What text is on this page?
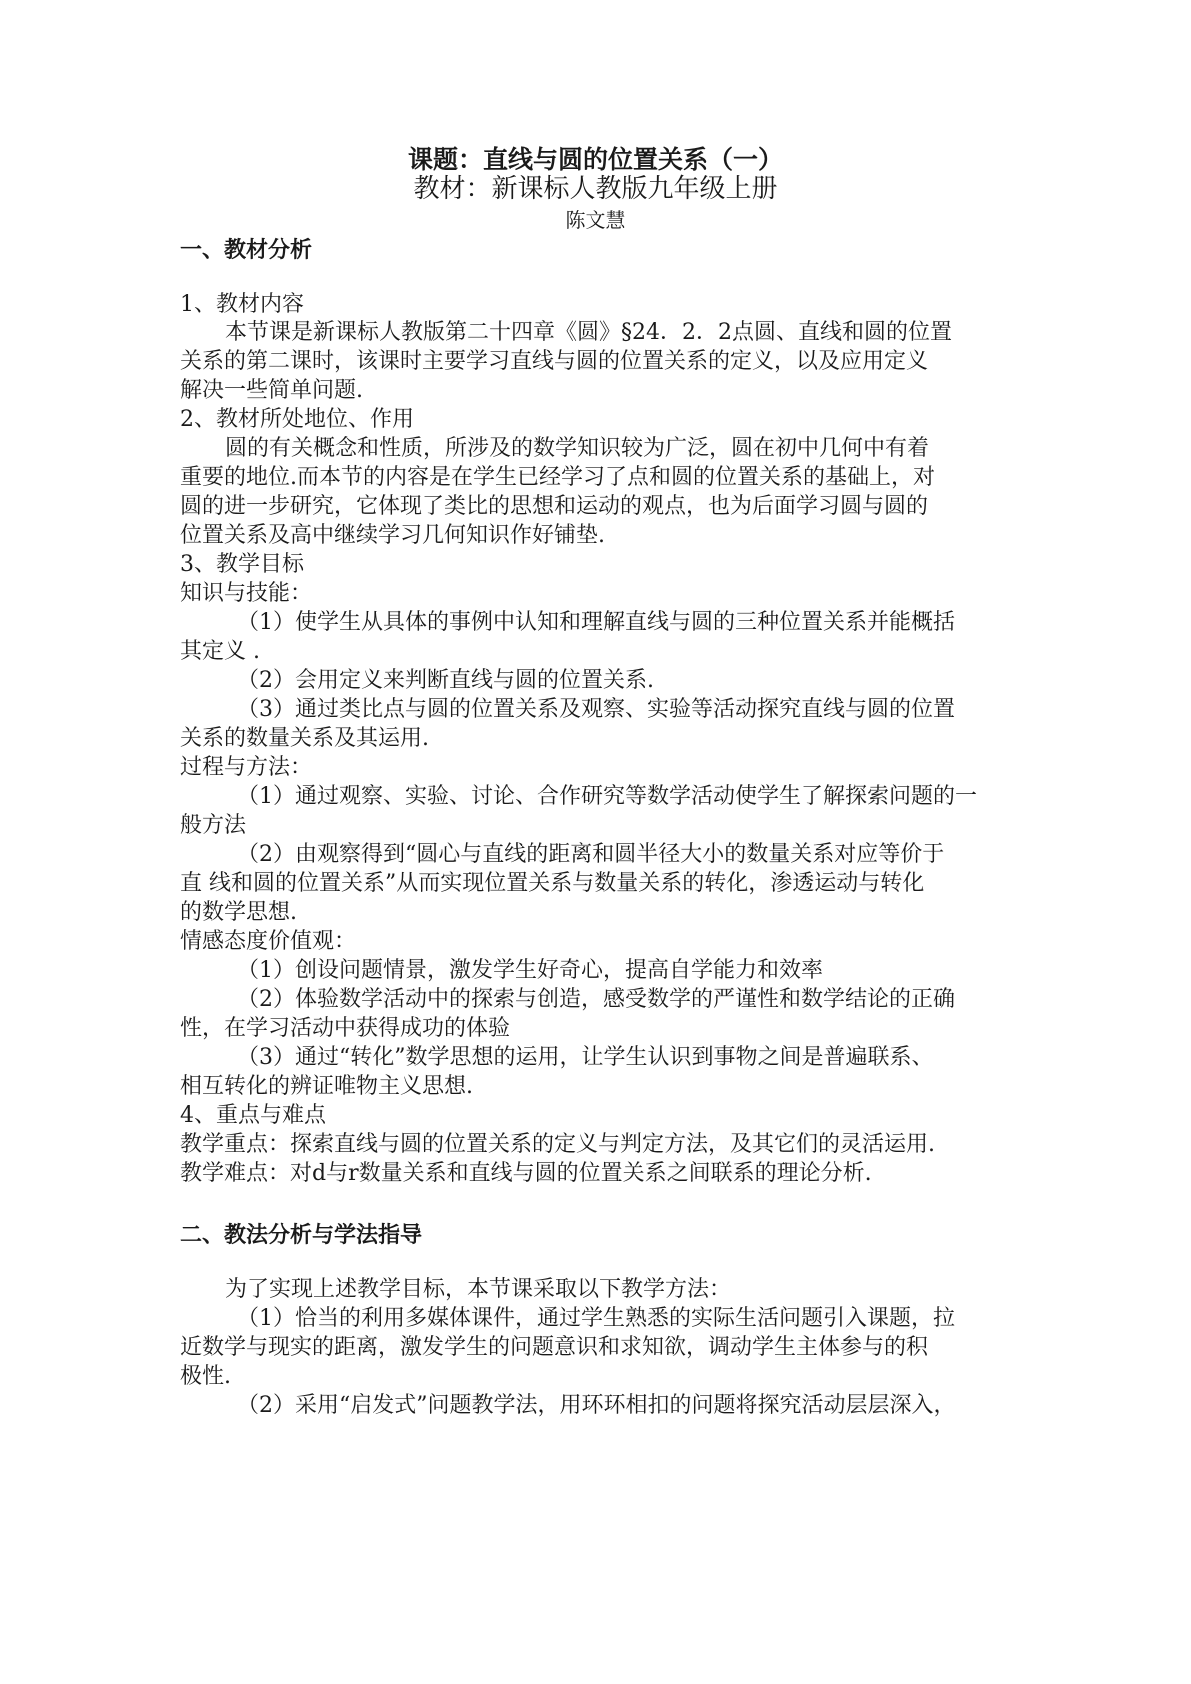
课题：直线与圆的位置关系（一）
教材：新课标人教版九年级上册
陈文慧
一、教材分析
1、教材内容
本节课是新课标人教版第二十四章《圆》§24．2．2点圆、直线和圆的位置
关系的第二课时，该课时主要学习直线与圆的位置关系的定义，以及应用定义
解决一些简单问题.
2、教材所处地位、作用
圆的有关概念和性质，所涉及的数学知识较为广泛，圆在初中几何中有着
重要的地位.而本节的内容是在学生已经学习了点和圆的位置关系的基础上，对
圆的进一步研究，它体现了类比的思想和运动的观点，也为后面学习圆与圆的
位置关系及高中继续学习几何知识作好铺垫.
3、教学目标
知识与技能：
（1）使学生从具体的事例中认知和理解直线与圆的三种位置关系并能概括
其定义 .
（2）会用定义来判断直线与圆的位置关系.
（3）通过类比点与圆的位置关系及观察、实验等活动探究直线与圆的位置
关系的数量关系及其运用.
过程与方法：
（1）通过观察、实验、讨论、合作研究等数学活动使学生了解探索问题的一
般方法
（2）由观察得到“圆心与直线的距离和圆半径大小的数量关系对应等价于
直 线和圆的位置关系”从而实现位置关系与数量关系的转化，渗透运动与转化
的数学思想.
情感态度价值观：
（1）创设问题情景，激发学生好奇心，提高自学能力和效率
（2）体验数学活动中的探索与创造，感受数学的严谨性和数学结论的正确
性，在学习活动中获得成功的体验
（3）通过“转化”数学思想的运用，让学生认识到事物之间是普遍联系、
相互转化的辨证唯物主义思想.
4、重点与难点
教学重点：探索直线与圆的位置关系的定义与判定方法，及其它们的灵活运用.
教学难点：对d与r数量关系和直线与圆的位置关系之间联系的理论分析.
二、教法分析与学法指导
为了实现上述教学目标，本节课采取以下教学方法：
（1）恰当的利用多媒体课件，通过学生熟悉的实际生活问题引入课题，拉
近数学与现实的距离，激发学生的问题意识和求知欲，调动学生主体参与的积
极性.
（2）采用“启发式”问题教学法，用环环相扣的问题将探究活动层层深入，
